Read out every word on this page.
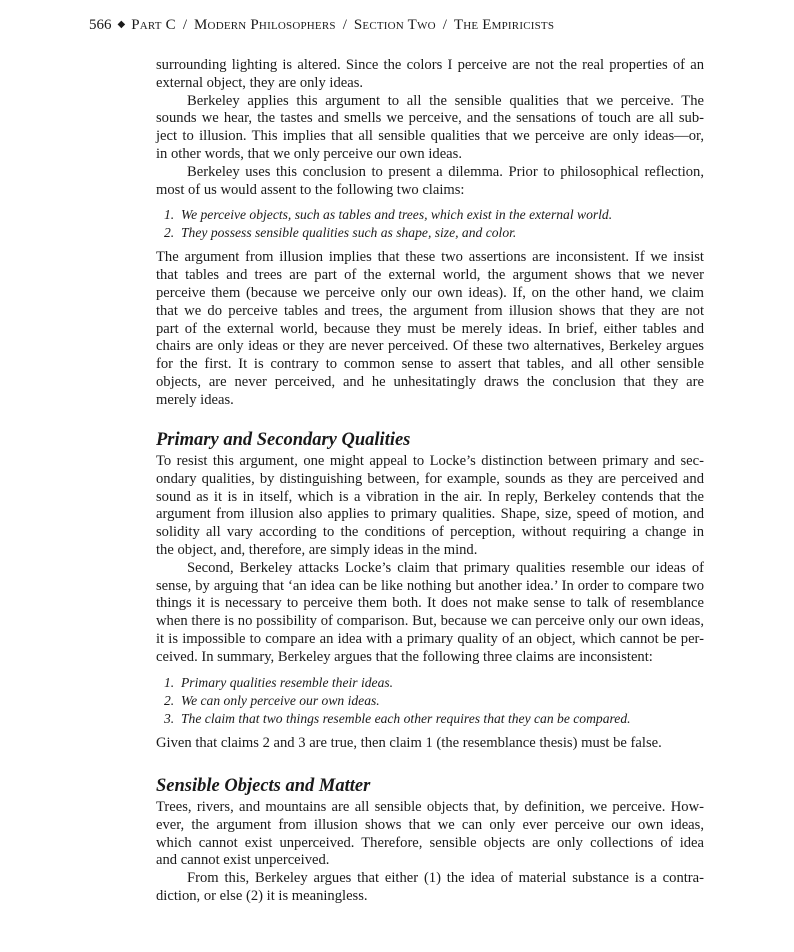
566 ◆ Part C / Modern Philosophers / Section Two / The Empiricists
surrounding lighting is altered. Since the colors I perceive are not the real properties of an
external object, they are only ideas.
Berkeley applies this argument to all the sensible qualities that we perceive. The
sounds we hear, the tastes and smells we perceive, and the sensations of touch are all sub-
ject to illusion. This implies that all sensible qualities that we perceive are only ideas—or,
in other words, that we only perceive our own ideas.
Berkeley uses this conclusion to present a dilemma. Prior to philosophical reflection,
most of us would assent to the following two claims:
1. We perceive objects, such as tables and trees, which exist in the external world.
2. They possess sensible qualities such as shape, size, and color.
The argument from illusion implies that these two assertions are inconsistent. If we insist
that tables and trees are part of the external world, the argument shows that we never
perceive them (because we perceive only our own ideas). If, on the other hand, we claim
that we do perceive tables and trees, the argument from illusion shows that they are not
part of the external world, because they must be merely ideas. In brief, either tables and
chairs are only ideas or they are never perceived. Of these two alternatives, Berkeley argues
for the first. It is contrary to common sense to assert that tables, and all other sensible
objects, are never perceived, and he unhesitatingly draws the conclusion that they are
merely ideas.
Primary and Secondary Qualities
To resist this argument, one might appeal to Locke’s distinction between primary and sec-
ondary qualities, by distinguishing between, for example, sounds as they are perceived and
sound as it is in itself, which is a vibration in the air. In reply, Berkeley contends that the
argument from illusion also applies to primary qualities. Shape, size, speed of motion, and
solidity all vary according to the conditions of perception, without requiring a change in
the object, and, therefore, are simply ideas in the mind.
Second, Berkeley attacks Locke’s claim that primary qualities resemble our ideas of
sense, by arguing that ‘an idea can be like nothing but another idea.’ In order to compare two
things it is necessary to perceive them both. It does not make sense to talk of resemblance
when there is no possibility of comparison. But, because we can perceive only our own ideas,
it is impossible to compare an idea with a primary quality of an object, which cannot be per-
ceived. In summary, Berkeley argues that the following three claims are inconsistent:
1. Primary qualities resemble their ideas.
2. We can only perceive our own ideas.
3. The claim that two things resemble each other requires that they can be compared.
Given that claims 2 and 3 are true, then claim 1 (the resemblance thesis) must be false.
Sensible Objects and Matter
Trees, rivers, and mountains are all sensible objects that, by definition, we perceive. How-
ever, the argument from illusion shows that we can only ever perceive our own ideas,
which cannot exist unperceived. Therefore, sensible objects are only collections of idea
and cannot exist unperceived.
From this, Berkeley argues that either (1) the idea of material substance is a contra-
diction, or else (2) it is meaningless.
